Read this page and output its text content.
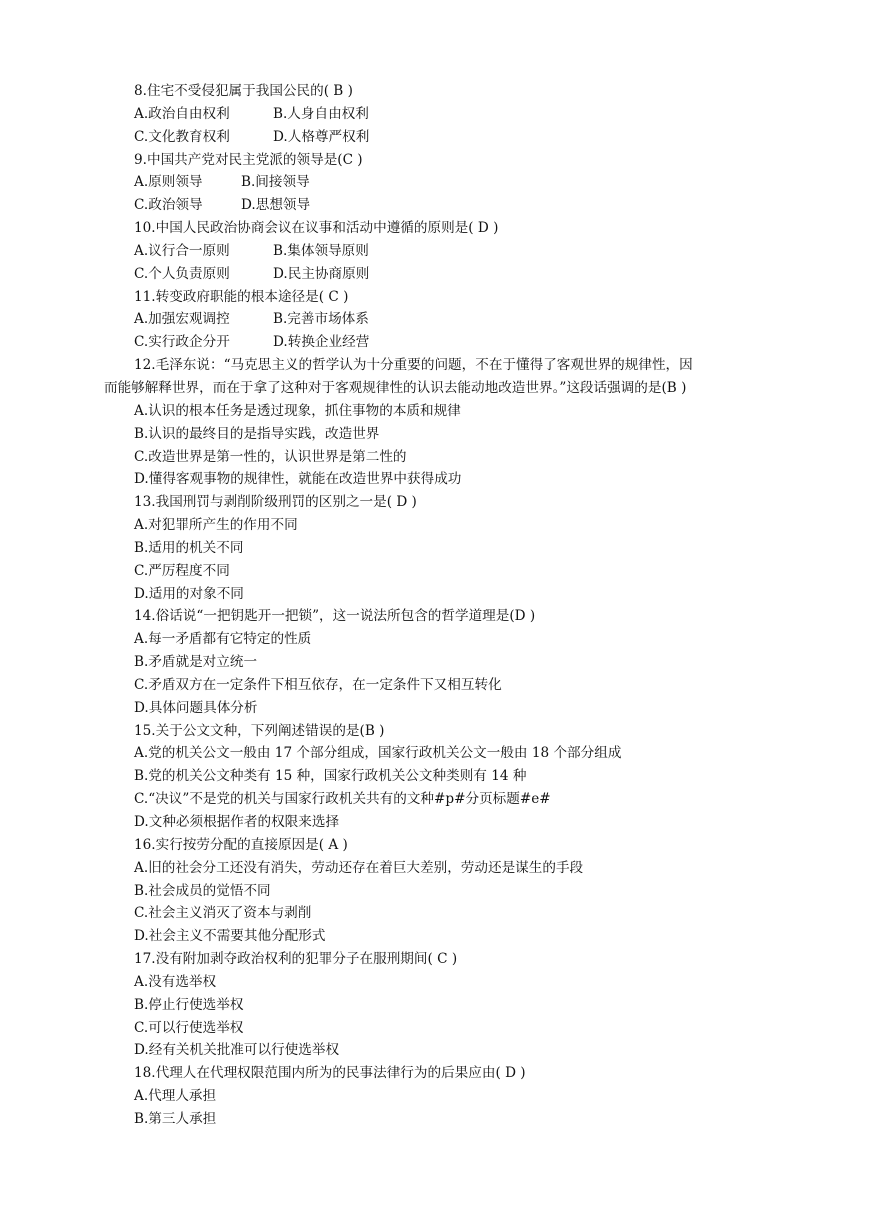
8.住宅不受侵犯属于我国公民的( B )
A.政治自由权利	B.人身自由权利
C.文化教育权利	D.人格尊严权利
9.中国共产党对民主党派的领导是(C )
A.原则领导	B.间接领导
C.政治领导	D.思想领导
10.中国人民政治协商会议在议事和活动中遵循的原则是( D )
A.议行合一原则	B.集体领导原则
C.个人负责原则	D.民主协商原则
11.转变政府职能的根本途径是( C )
A.加强宏观调控	B.完善市场体系
C.实行政企分开	D.转换企业经营
12.毛泽东说：“马克思主义的哲学认为十分重要的问题，不在于懂得了客观世界的规律性，因
而能够解释世界，而在于拿了这种对于客观规律性的认识去能动地改造世界。”这段话强调的是(B )
A.认识的根本任务是透过现象，抓住事物的本质和规律
B.认识的最终目的是指导实践，改造世界
C.改造世界是第一性的，认识世界是第二性的
D.懂得客观事物的规律性，就能在改造世界中获得成功
13.我国刑罚与剥削阶级刑罚的区别之一是( D )
A.对犯罪所产生的作用不同
B.适用的机关不同
C.严厉程度不同
D.适用的对象不同
14.俗话说“一把钥匙开一把锁”，这一说法所包含的哲学道理是(D )
A.每一矛盾都有它特定的性质
B.矛盾就是对立统一
C.矛盾双方在一定条件下相互依存，在一定条件下又相互转化
D.具体问题具体分析
15.关于公文文种，下列阐述错误的是(B )
A.党的机关公文一般由 17 个部分组成，国家行政机关公文一般由 18 个部分组成
B.党的机关公文种类有 15 种，国家行政机关公文种类则有 14 种
C.“决议”不是党的机关与国家行政机关共有的文种#p#分页标题#e#
D.文种必须根据作者的权限来选择
16.实行按劳分配的直接原因是( A )
A.旧的社会分工还没有消失，劳动还存在着巨大差别，劳动还是谋生的手段
B.社会成员的觉悟不同
C.社会主义消灭了资本与剥削
D.社会主义不需要其他分配形式
17.没有附加剥夺政治权利的犯罪分子在服刑期间( C )
A.没有选举权
B.停止行使选举权
C.可以行使选举权
D.经有关机关批准可以行使选举权
18.代理人在代理权限范围内所为的民事法律行为的后果应由( D )
A.代理人承担
B.第三人承担
